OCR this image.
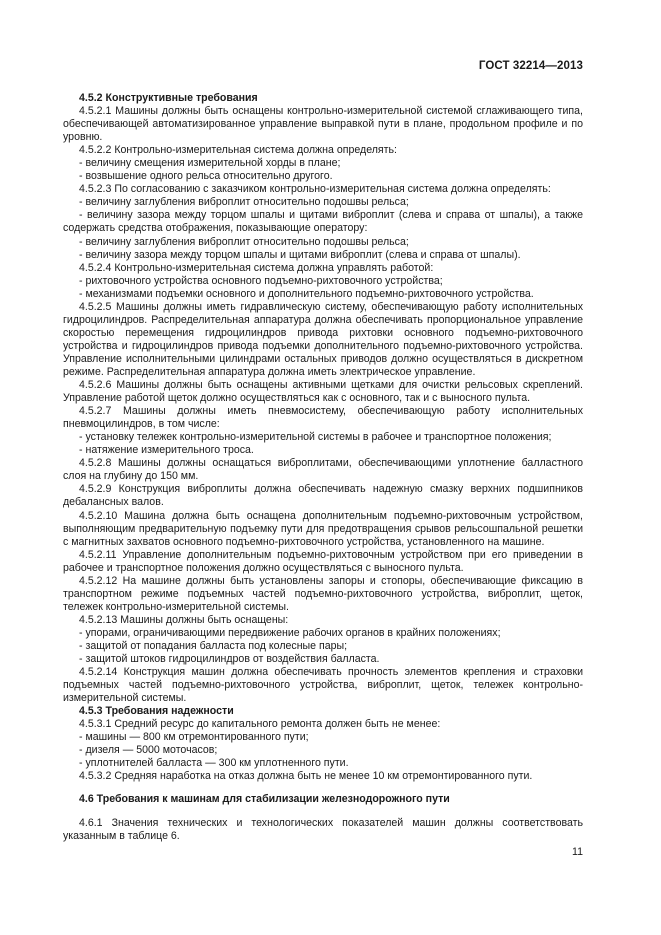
ГОСТ 32214—2013

4.5.2 Конструктивные требования

4.5.2.1 Машины должны быть оснащены контрольно-измерительной системой сглаживающего типа, обеспечивающей автоматизированное управление выправкой пути в плане, продольном профиле и по уровню.

4.5.2.2 Контрольно-измерительная система должна определять:

- величину смещения измерительной хорды в плане;

- возвышение одного рельса относительно другого.

4.5.2.3 По согласованию с заказчиком контрольно-измерительная система должна определять:

- величину заглубления виброплит относительно подошвы рельса;

- величину зазора между торцом шпалы и щитами виброплит (слева и справа от шпалы), а также содержать средства отображения, показывающие оператору:

- величину заглубления виброплит относительно подошвы рельса;

- величину зазора между торцом шпалы и щитами виброплит (слева и справа от шпалы).

4.5.2.4 Контрольно-измерительная система должна управлять работой:

- рихтовочного устройства основного подъемно-рихтовочного устройства;

- механизмами подъемки основного и дополнительного подъемно-рихтовочного устройства.

4.5.2.5 Машины должны иметь гидравлическую систему, обеспечивающую работу исполнительных гидроцилиндров. Распределительная аппаратура должна обеспечивать пропорциональное управление скоростью перемещения гидроцилиндров привода рихтовки основного подъемно-рихтовочного устройства и гидроцилиндров привода подъемки дополнительного подъемно-рихтовочного устройства. Управление исполнительными цилиндрами остальных приводов должно осуществляться в дискретном режиме. Распределительная аппаратура должна иметь электрическое управление.

4.5.2.6 Машины должны быть оснащены активными щетками для очистки рельсовых скреплений. Управление работой щеток должно осуществляться как с основного, так и с выносного пульта.

4.5.2.7 Машины должны иметь пневмосистему, обеспечивающую работу исполнительных пневмоцилиндров, в том числе:

- установку тележек контрольно-измерительной системы в рабочее и транспортное положения;

- натяжение измерительного троса.

4.5.2.8 Машины должны оснащаться виброплитами, обеспечивающими уплотнение балластного слоя на глубину до 150 мм.

4.5.2.9 Конструкция виброплиты должна обеспечивать надежную смазку верхних подшипников дебалансных валов.

4.5.2.10 Машина должна быть оснащена дополнительным подъемно-рихтовочным устройством, выполняющим предварительную подъемку пути для предотвращения срывов рельсошпальной решетки с магнитных захватов основного подъемно-рихтовочного устройства, установленного на машине.

4.5.2.11 Управление дополнительным подъемно-рихтовочным устройством при его приведении в рабочее и транспортное положения должно осуществляться с выносного пульта.

4.5.2.12 На машине должны быть установлены запоры и стопоры, обеспечивающие фиксацию в транспортном режиме подъемных частей подъемно-рихтовочного устройства, виброплит, щеток, тележек контрольно-измерительной системы.

4.5.2.13 Машины должны быть оснащены:

- упорами, ограничивающими передвижение рабочих органов в крайних положениях;

- защитой от попадания балласта под колесные пары;

- защитой штоков гидроцилиндров от воздействия балласта.

4.5.2.14 Конструкция машин должна обеспечивать прочность элементов крепления и страховки подъемных частей подъемно-рихтовочного устройства, виброплит, щеток, тележек контрольно-измерительной системы.

4.5.3 Требования надежности

4.5.3.1 Средний ресурс до капитального ремонта должен быть не менее:

- машины — 800 км отремонтированного пути;

- дизеля — 5000 моточасов;

- уплотнителей балласта — 300 км уплотненного пути.

4.5.3.2 Средняя наработка на отказ должна быть не менее 10 км отремонтированного пути.

4.6 Требования к машинам для стабилизации железнодорожного пути

4.6.1 Значения технических и технологических показателей машин должны соответствовать указанным в таблице 6.

11
